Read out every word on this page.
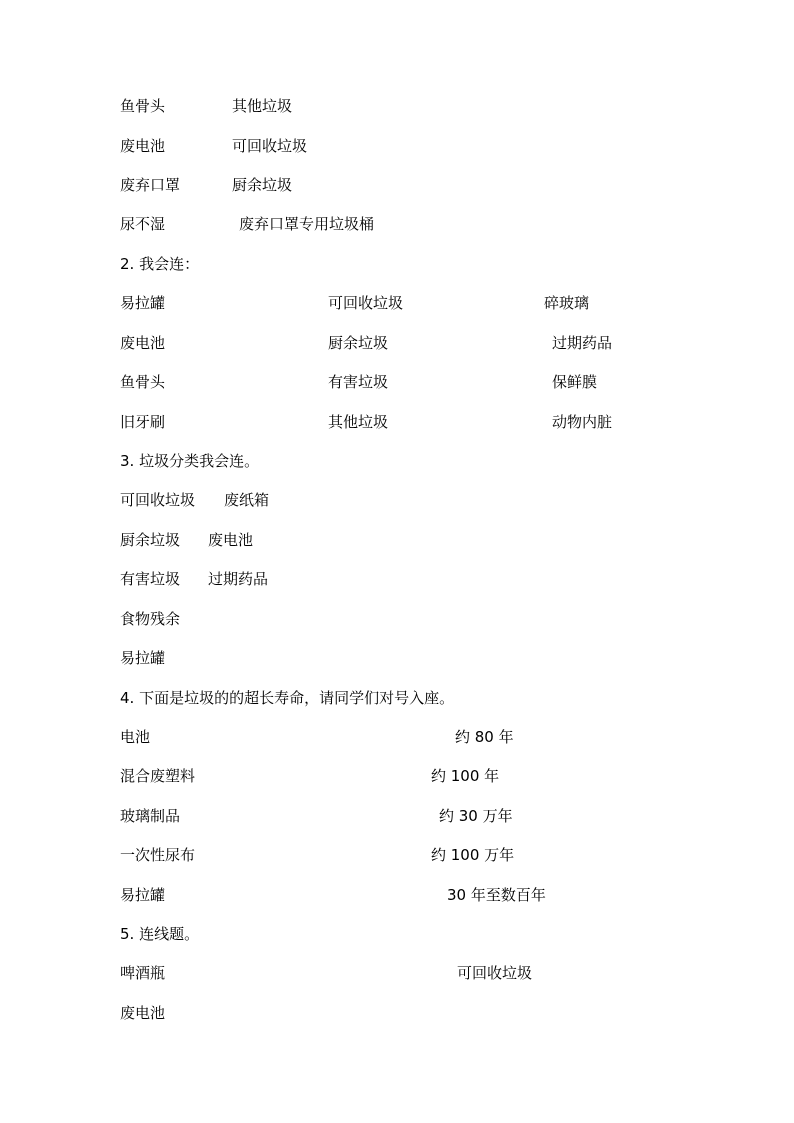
鱼骨头	其他垃圾
废电池	可回收垃圾
废弃口罩	厨余垃圾
尿不湿	废弃口罩专用垃圾桶
2. 我会连：
易拉罐	可回收垃圾	碎玻璃
废电池	厨余垃圾	过期药品
鱼骨头	有害垃圾	保鲜膜
旧牙刷	其他垃圾	动物内脏
3. 垃圾分类我会连。
可回收垃圾 废纸箱
厨余垃圾 废电池
有害垃圾 过期药品
食物残余
易拉罐
4. 下面是垃圾的的超长寿命，请同学们对号入座。
电池	约 80 年
混合废塑料	约 100 年
玻璃制品	约 30 万年
一次性尿布	约 100 万年
易拉罐	30 年至数百年
5. 连线题。
啤酒瓶	可回收垃圾
废电池
